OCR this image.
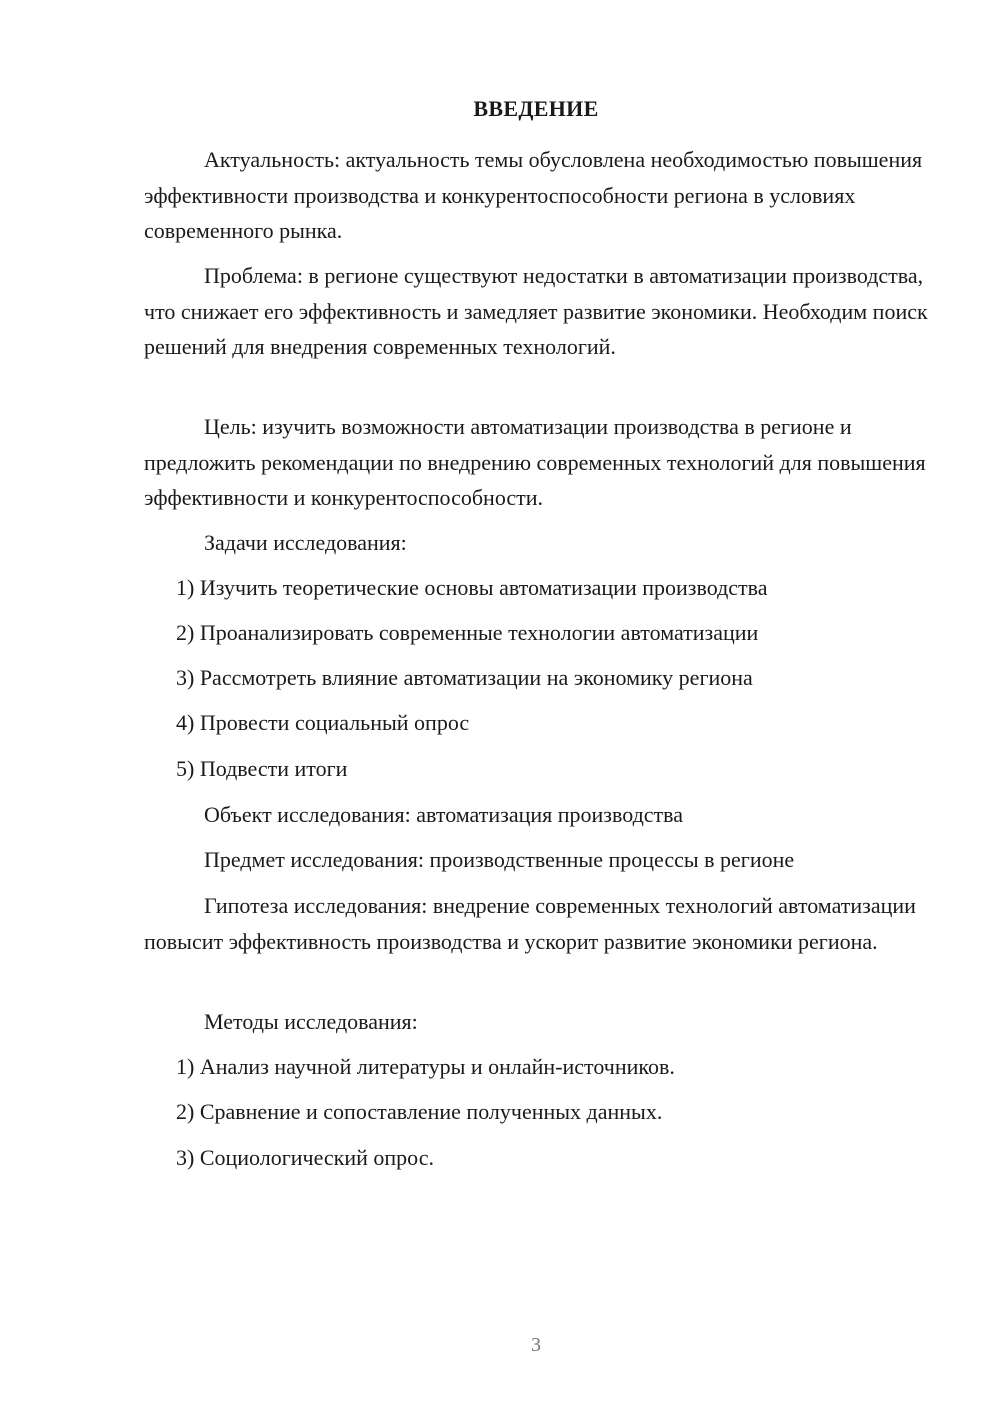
ВВЕДЕНИЕ

Актуальность: актуальность темы обусловлена необходимостью повышения эффективности производства и конкурентоспособности региона в условиях современного рынка.

Проблема: в регионе существуют недостатки в автоматизации производства, что снижает его эффективность и замедляет развитие экономики. Необходим поиск решений для внедрения современных технологий.

Цель: изучить возможности автоматизации производства в регионе и предложить рекомендации по внедрению современных технологий для повышения эффективности и конкурентоспособности.

Задачи исследования:

1) Изучить теоретические основы автоматизации производства

2) Проанализировать современные технологии автоматизации

3) Рассмотреть влияние автоматизации на экономику региона

4) Провести социальный опрос

5) Подвести итоги

Объект исследования: автоматизация производства

Предмет исследования: производственные процессы в регионе

Гипотеза исследования: внедрение современных технологий автоматизации повысит эффективность производства и ускорит развитие экономики региона.

Методы исследования:

1) Анализ научной литературы и онлайн-источников.

2) Сравнение и сопоставление полученных данных.

3) Социологический опрос.

3
